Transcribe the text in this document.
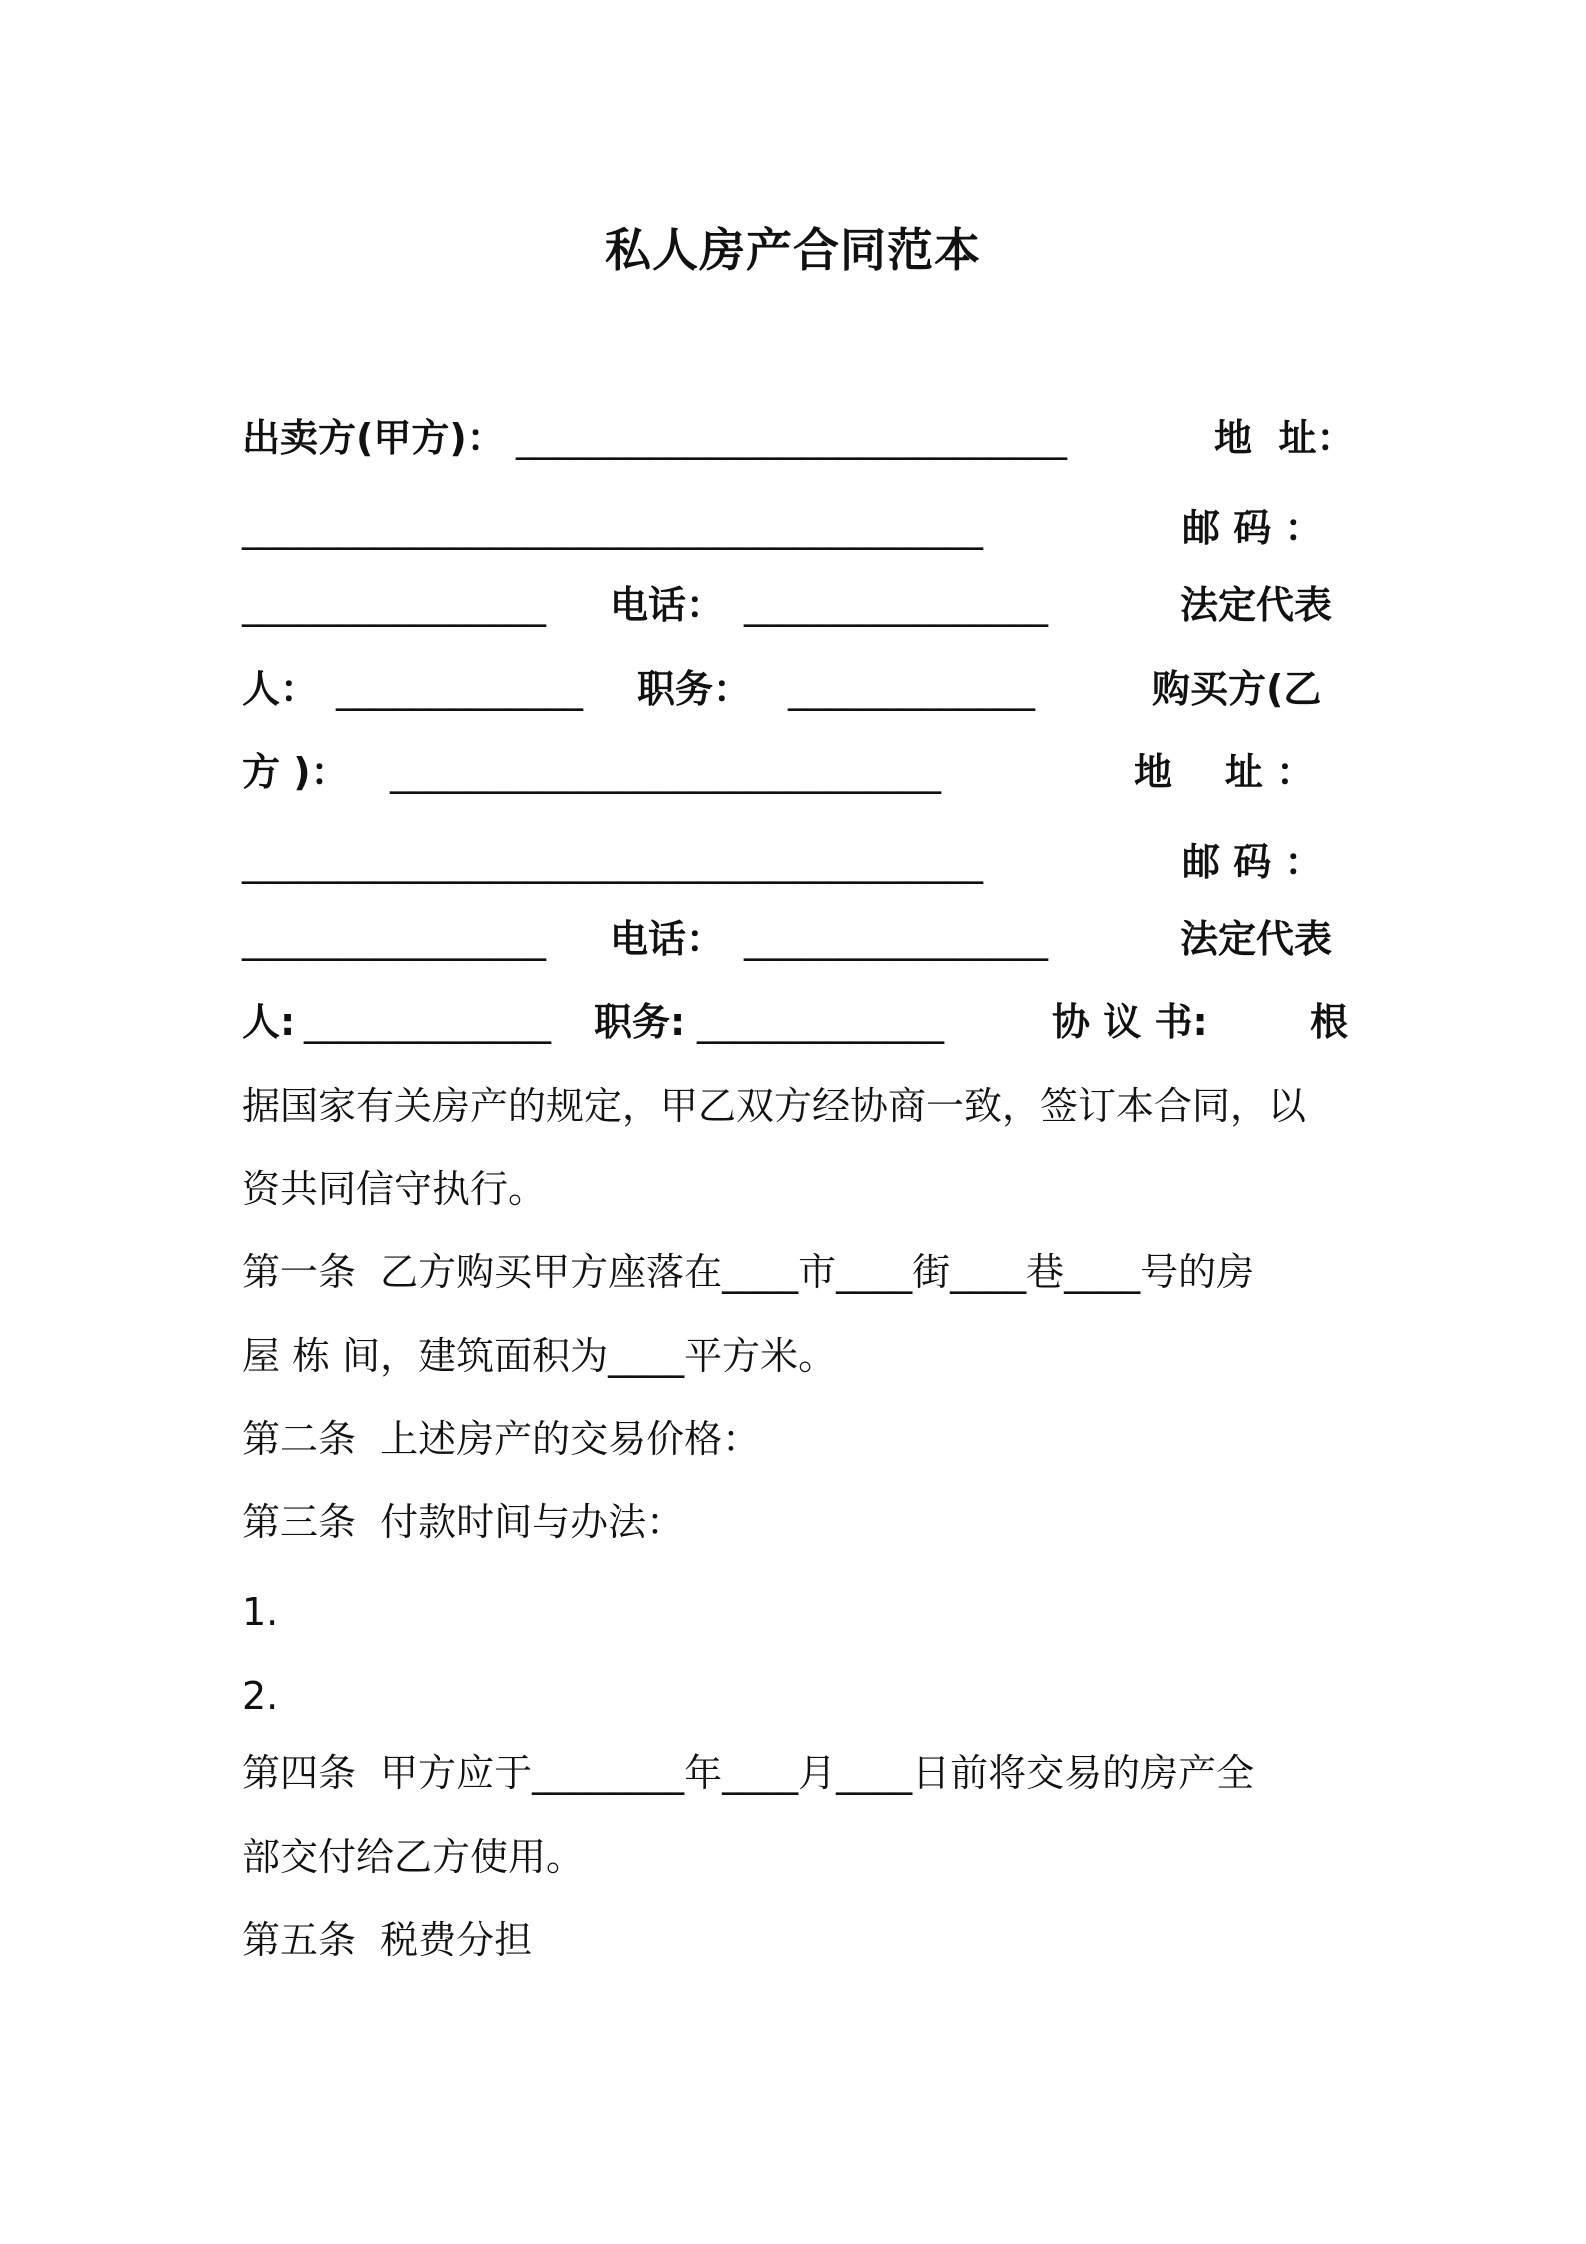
私人房产合同范本

出卖方(甲方)：

_____________________________

	地  址：

_______________________________________

	邮 码 ：

________________

电话：

________________

	法定代表

人：

_____________

职务：

_____________

	购买方(乙

方 )：

_____________________________

	地    址 ：

_______________________________________

	邮 码 ：

________________

电话：

________________

	法定代表

人:

_____________

职务:

_____________

	协 议 书:

	根

据国家有关房产的规定，甲乙双方经协商一致，签订本合同，以

资共同信守执行。

第一条  乙方购买甲方座落在____市____街____巷____号的房

屋 栋 间，建筑面积为____平方米。

第二条  上述房产的交易价格：

第三条  付款时间与办法：

1.

2.

第四条  甲方应于________年____月____日前将交易的房产全

部交付给乙方使用。

第五条  税费分担
